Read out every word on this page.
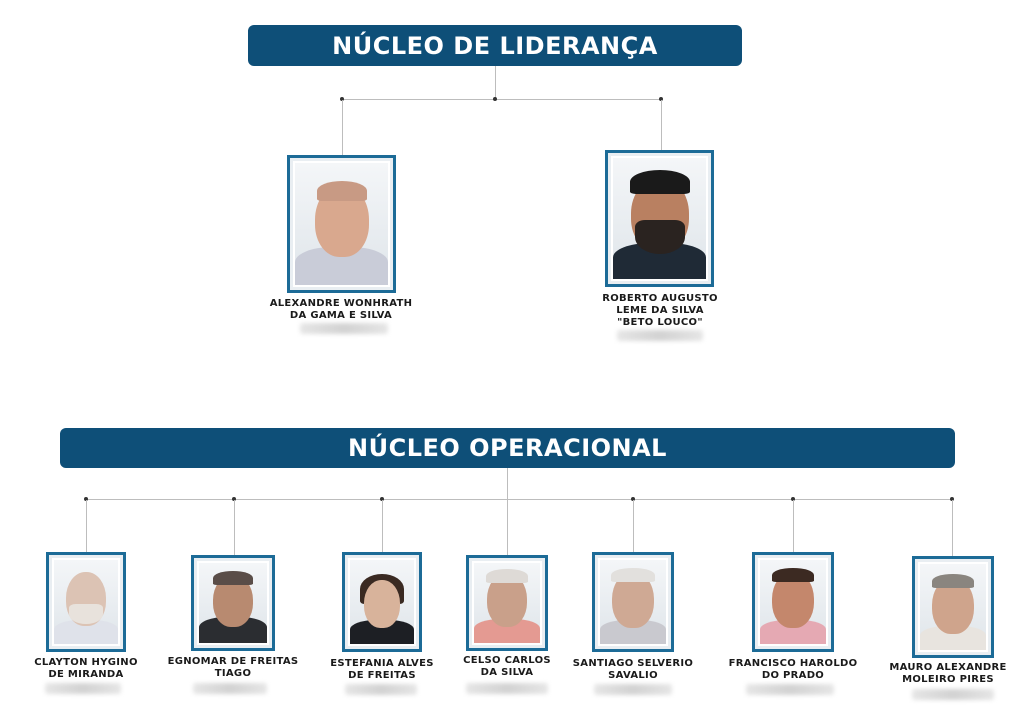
NÚCLEO DE LIDERANÇA
NÚCLEO OPERACIONAL
ALEXANDRE WONHRATH
DA GAMA E SILVA
ROBERTO AUGUSTO
LEME DA SILVA
"BETO LOUCO"
CLAYTON HYGINO
DE MIRANDA
EGNOMAR DE FREITAS
TIAGO
ESTEFANIA ALVES
DE FREITAS
CELSO CARLOS
DA SILVA
SANTIAGO SELVERIO
SAVALIO
FRANCISCO HAROLDO
DO PRADO
MAURO ALEXANDRE
MOLEIRO PIRES
